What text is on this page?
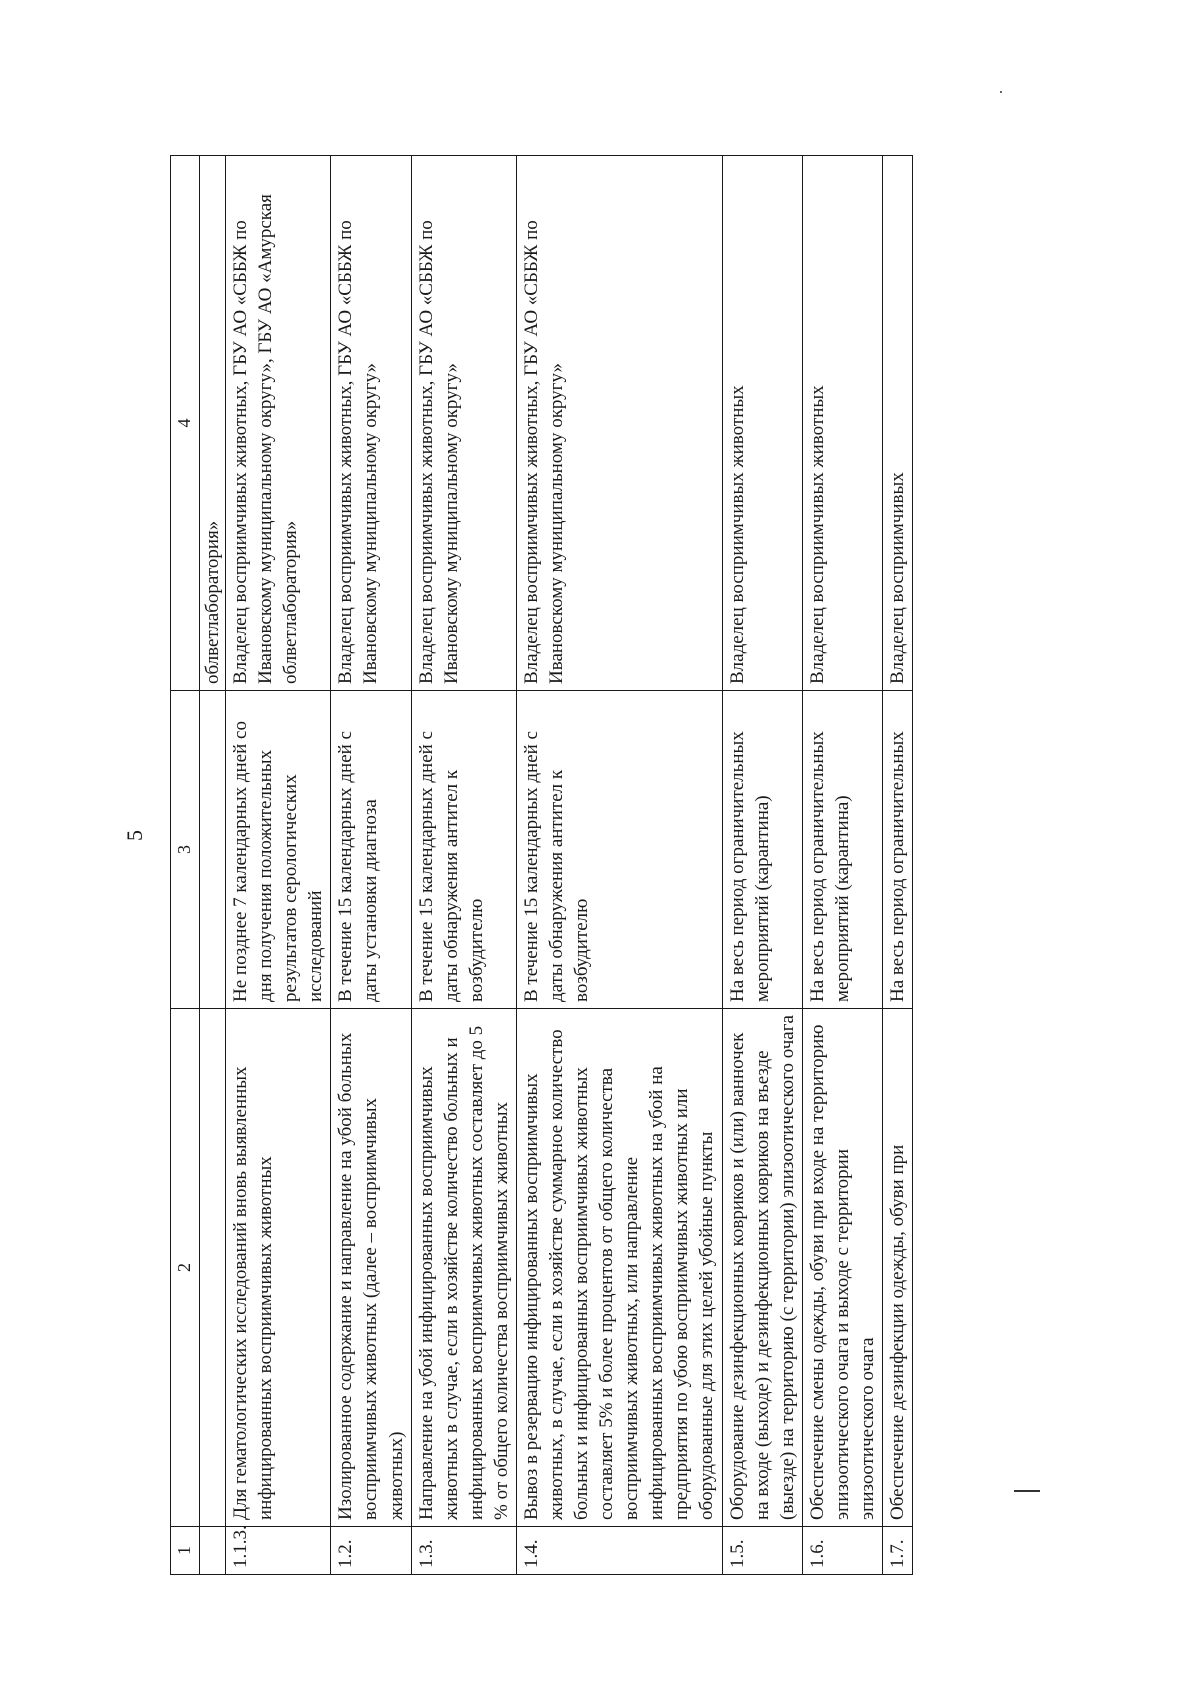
5
1	2	3	4
			облветлаборатория»
1.1.3.	Для гематологических исследований вновь выявленных инфицированных восприимчивых животных	Не позднее 7 календарных дней со дня получения положительных результатов серологических исследований	Владелец восприимчивых животных, ГБУ АО «СББЖ по Ивановскому муниципальному округу», ГБУ АО «Амурская облветлаборатория»
1.2.	Изолированное содержание и направление на убой больных восприимчивых животных (далее – восприимчивых животных)	В течение 15 календарных дней с даты установки диагноза	Владелец восприимчивых животных, ГБУ АО «СББЖ по Ивановскому муниципальному округу»
1.3.	Направление на убой инфицированных восприимчивых животных в случае, если в хозяйстве количество больных и инфицированных восприимчивых животных составляет до 5 % от общего количества восприимчивых животных	В течение 15 календарных дней с даты обнаружения антител к возбудителю	Владелец восприимчивых животных, ГБУ АО «СББЖ по Ивановскому муниципальному округу»
1.4.	Вывоз в резервацию инфицированных восприимчивых животных, в случае, если в хозяйстве суммарное количество больных и инфицированных восприимчивых животных составляет 5% и более процентов от общего количества восприимчивых животных, или направление инфицированных восприимчивых животных на убой на предприятия по убою восприимчивых животных или оборудованные для этих целей убойные пункты	В течение 15 календарных дней с даты обнаружения антител к возбудителю	Владелец восприимчивых животных, ГБУ АО «СББЖ по Ивановскому муниципальному округу»
1.5.	Оборудование дезинфекционных ковриков и (или) ванночек на входе (выходе) и дезинфекционных ковриков на въезде (выезде) на территорию (с территории) эпизоотического очага	На весь период ограничительных мероприятий (карантина)	Владелец восприимчивых животных
1.6.	Обеспечение смены одежды, обуви при входе на территорию эпизоотического очага и выходе с территории эпизоотического очага	На весь период ограничительных мероприятий (карантина)	Владелец восприимчивых животных
1.7.	Обеспечение дезинфекции одежды, обуви при	На весь период ограничительных	Владелец восприимчивых
